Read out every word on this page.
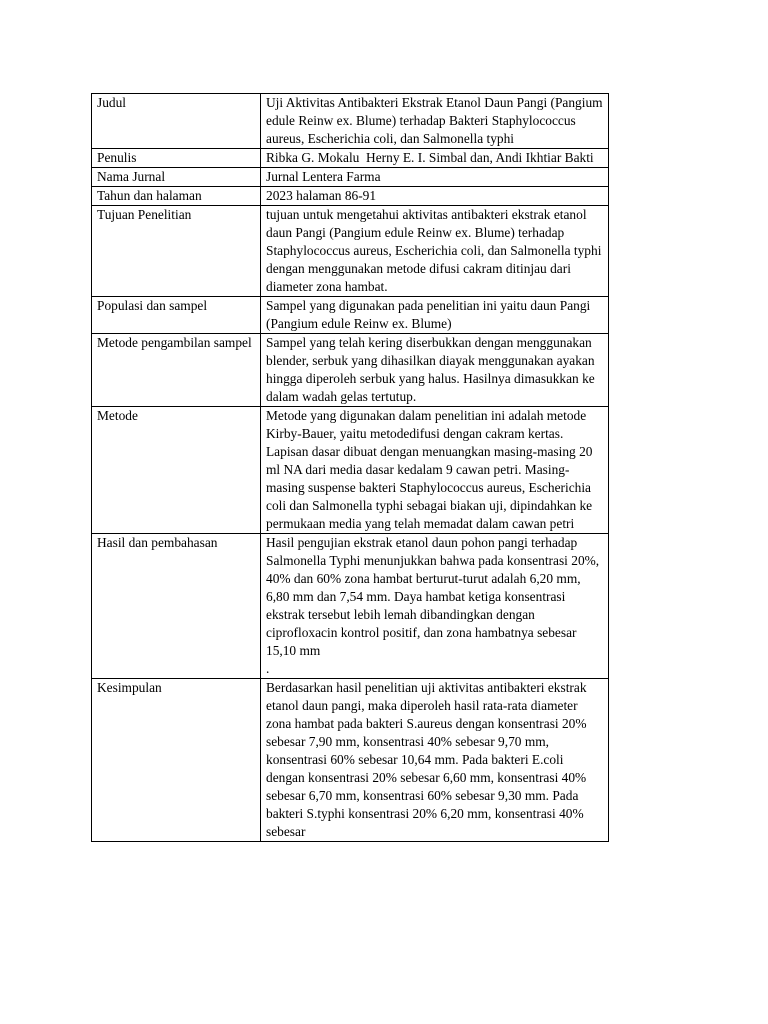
Judul	Uji Aktivitas Antibakteri Ekstrak Etanol Daun Pangi (Pangium edule Reinw ex. Blume) terhadap Bakteri Staphylococcus aureus, Escherichia coli, dan Salmonella typhi
Penulis	Ribka G. Mokalu  Herny E. I. Simbal dan, Andi Ikhtiar Bakti
Nama Jurnal	Jurnal Lentera Farma
Tahun dan halaman	2023 halaman 86-91
Tujuan Penelitian	tujuan untuk mengetahui aktivitas antibakteri ekstrak etanol daun Pangi (Pangium edule Reinw ex. Blume) terhadap Staphylococcus aureus, Escherichia coli, dan Salmonella typhi dengan menggunakan metode difusi cakram ditinjau dari diameter zona hambat.
Populasi dan sampel	Sampel yang digunakan pada penelitian ini yaitu daun Pangi (Pangium edule Reinw ex. Blume)
Metode pengambilan sampel	Sampel yang telah kering diserbukkan dengan menggunakan blender, serbuk yang dihasilkan diayak menggunakan ayakan hingga diperoleh serbuk yang halus. Hasilnya dimasukkan ke dalam wadah gelas tertutup.
Metode	Metode yang digunakan dalam penelitian ini adalah metode Kirby-Bauer, yaitu metodedifusi dengan cakram kertas. Lapisan dasar dibuat dengan menuangkan masing-masing 20 ml NA dari media dasar kedalam 9 cawan petri. Masing-masing suspense bakteri Staphylococcus aureus, Escherichia coli dan Salmonella typhi sebagai biakan uji, dipindahkan ke permukaan media yang telah memadat dalam cawan petri
Hasil dan pembahasan	Hasil pengujian ekstrak etanol daun pohon pangi terhadap Salmonella Typhi menunjukkan bahwa pada konsentrasi 20%, 40% dan 60% zona hambat berturut-turut adalah 6,20 mm, 6,80 mm dan 7,54 mm. Daya hambat ketiga konsentrasi ekstrak tersebut lebih lemah dibandingkan dengan ciprofloxacin kontrol positif, dan zona hambatnya sebesar 15,10 mm
.
Kesimpulan	Berdasarkan hasil penelitian uji aktivitas antibakteri ekstrak etanol daun pangi, maka diperoleh hasil rata-rata diameter zona hambat pada bakteri S.aureus dengan konsentrasi 20% sebesar 7,90 mm, konsentrasi 40% sebesar 9,70 mm, konsentrasi 60% sebesar 10,64 mm. Pada bakteri E.coli dengan konsentrasi 20% sebesar 6,60 mm, konsentrasi 40% sebesar 6,70 mm, konsentrasi 60% sebesar 9,30 mm. Pada bakteri S.typhi konsentrasi 20% 6,20 mm, konsentrasi 40% sebesar
